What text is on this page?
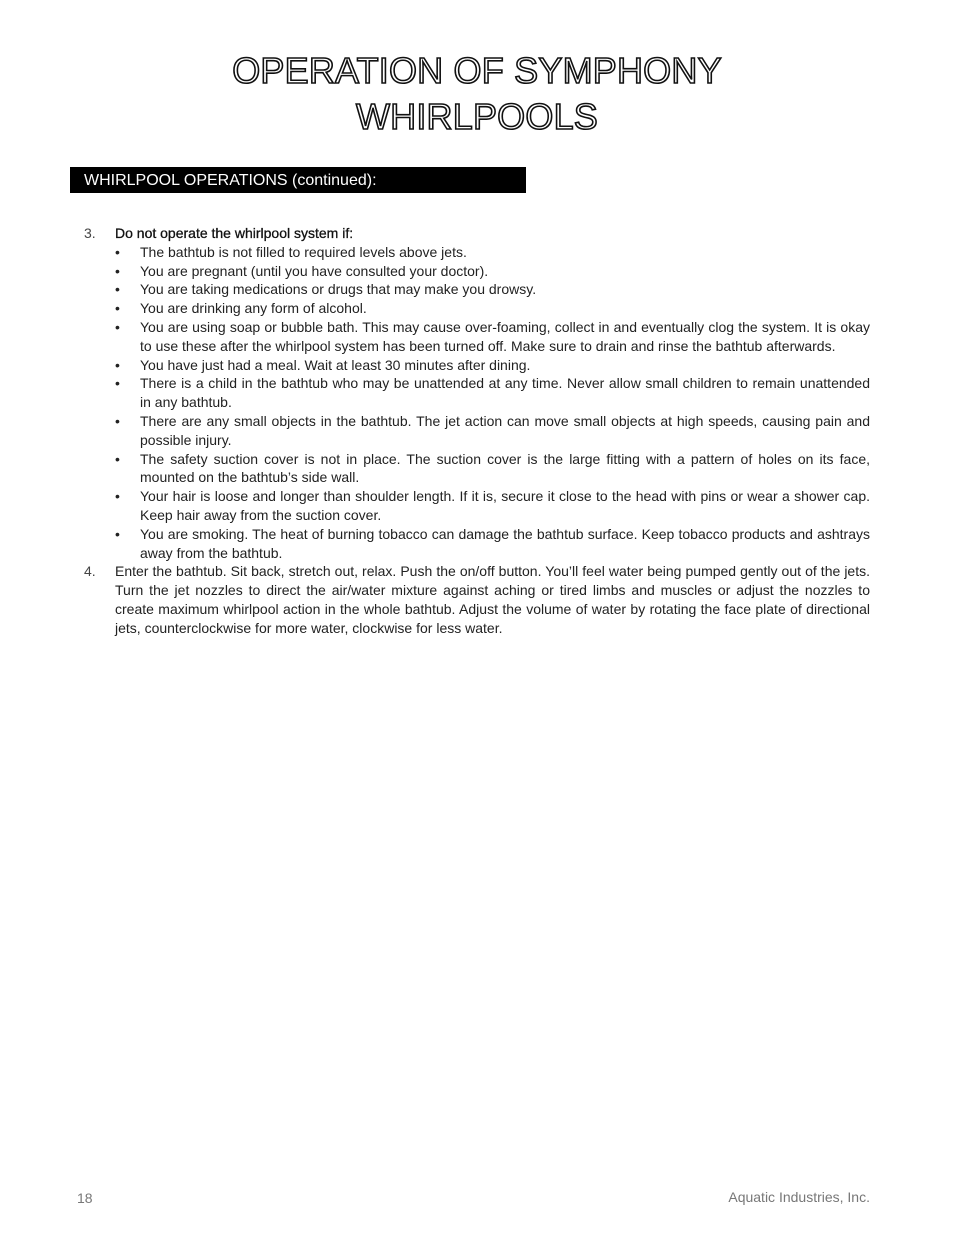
OPERATION OF SYMPHONY
WHIRLPOOLS
WHIRLPOOL OPERATIONS (continued):
3. Do not operate the whirlpool system if:
• The bathtub is not filled to required levels above jets.
• You are pregnant (until you have consulted your doctor).
• You are taking medications or drugs that may make you drowsy.
• You are drinking any form of alcohol.
• You are using soap or bubble bath. This may cause over-foaming, collect in and eventually clog the system. It is okay to use these after the whirlpool system has been turned off. Make sure to drain and rinse the bathtub afterwards.
• You have just had a meal. Wait at least 30 minutes after dining.
• There is a child in the bathtub who may be unattended at any time. Never allow small children to remain unattended in any bathtub.
• There are any small objects in the bathtub. The jet action can move small objects at high speeds, causing pain and possible injury.
• The safety suction cover is not in place. The suction cover is the large fitting with a pattern of holes on its face, mounted on the bathtub’s side wall.
• Your hair is loose and longer than shoulder length. If it is, secure it close to the head with pins or wear a shower cap. Keep hair away from the suction cover.
• You are smoking. The heat of burning tobacco can damage the bathtub surface. Keep tobacco products and ashtrays away from the bathtub.
4. Enter the bathtub. Sit back, stretch out, relax. Push the on/off button. You’ll feel water being pumped gently out of the jets. Turn the jet nozzles to direct the air/water mixture against aching or tired limbs and muscles or adjust the nozzles to create maximum whirlpool action in the whole bathtub. Adjust the volume of water by rotating the face plate of directional jets, counterclockwise for more water, clockwise for less water.
18	Aquatic Industries, Inc.
